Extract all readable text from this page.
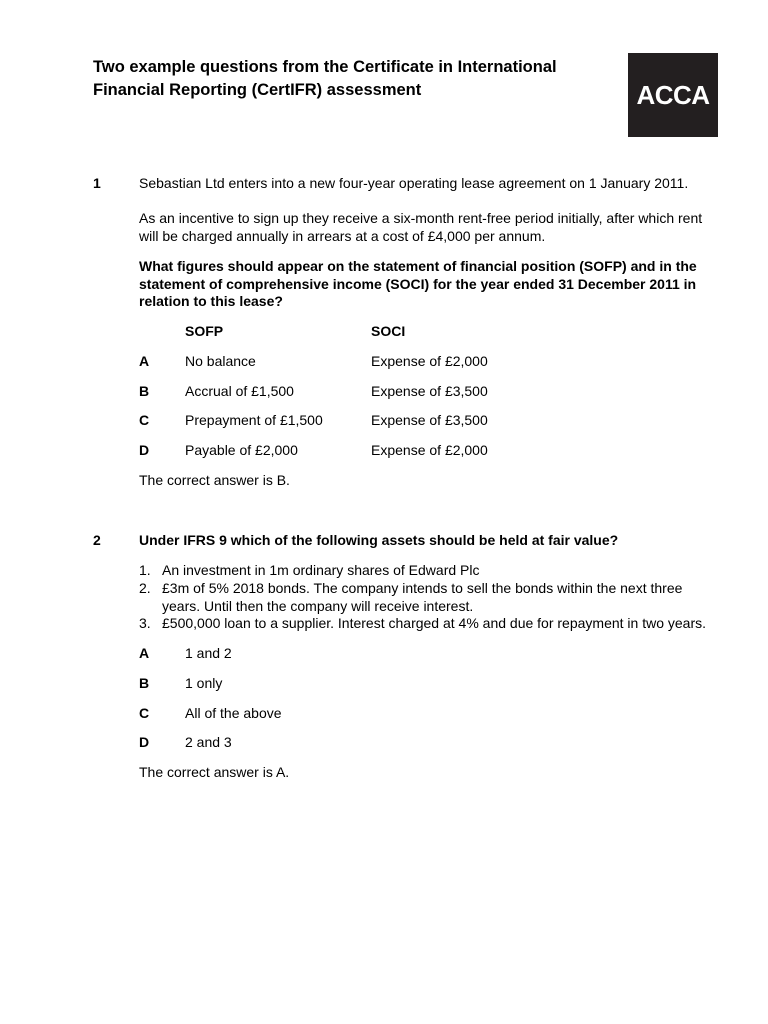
Two example questions from the Certificate in International Financial Reporting (CertIFR) assessment	ACCA
1	Sebastian Ltd enters into a new four-year operating lease agreement on 1 January 2011.
As an incentive to sign up they receive a six-month rent-free period initially, after which rent will be charged annually in arrears at a cost of £4,000 per annum.
What figures should appear on the statement of financial position (SOFP) and in the statement of comprehensive income (SOCI) for the year ended 31 December 2011 in relation to this lease?
SOFP	SOCI
A	No balance	Expense of £2,000
B	Accrual of £1,500	Expense of £3,500
C	Prepayment of £1,500	Expense of £3,500
D	Payable of £2,000	Expense of £2,000
The correct answer is B.
2	Under IFRS 9 which of the following assets should be held at fair value?
1. An investment in 1m ordinary shares of Edward Plc
2. £3m of 5% 2018 bonds. The company intends to sell the bonds within the next three years. Until then the company will receive interest.
3. £500,000 loan to a supplier. Interest charged at 4% and due for repayment in two years.
A	1 and 2
B	1 only
C	All of the above
D	2 and 3
The correct answer is A.
